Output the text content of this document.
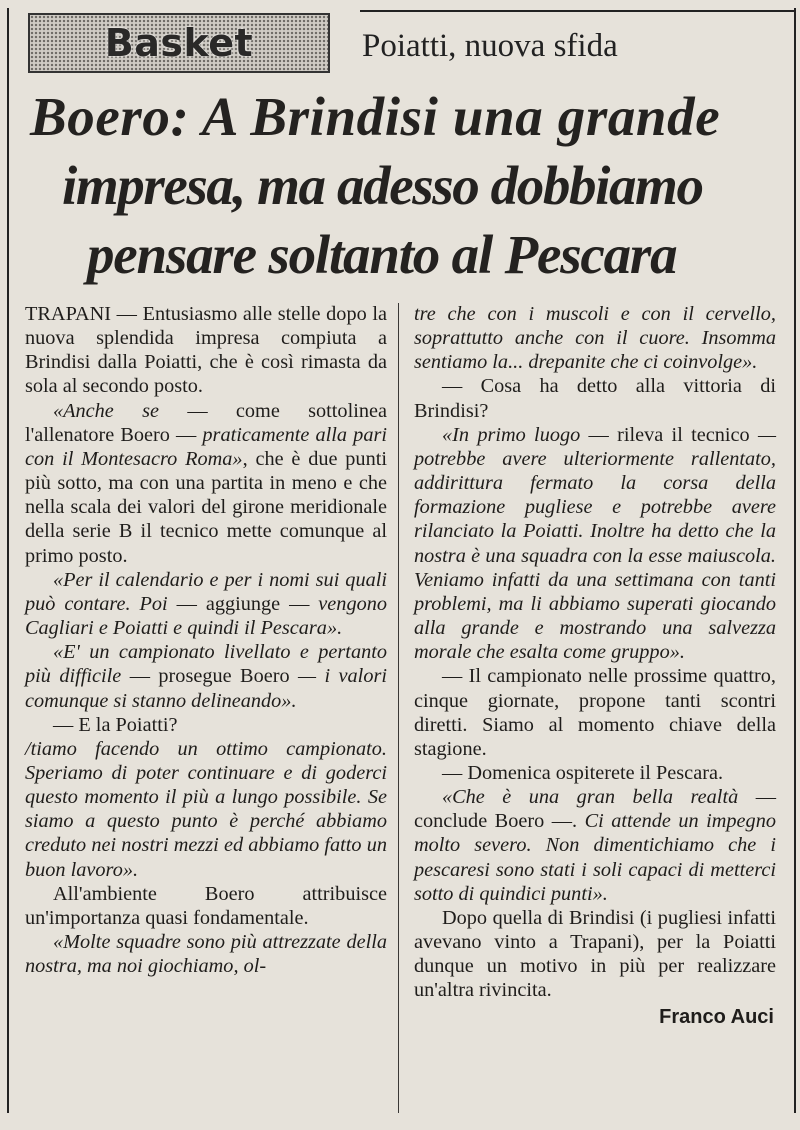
Basket	Poiatti, nuova sfida
Boero: A Brindisi una grande
impresa, ma adesso dobbiamo
pensare soltanto al Pescara

TRAPANI — Entusiasmo alle stelle dopo la nuova splendida impresa compiuta a Brindisi dalla Poiatti, che è così rimasta da sola al secondo posto.

«Anche se — come sottolinea l'allenatore Boero — praticamente alla pari con il Montesacro Roma», che è due punti più sotto, ma con una partita in meno e che nella scala dei valori del girone meridionale della serie B il tecnico mette comunque al primo posto.

«Per il calendario e per i nomi sui quali può contare. Poi — aggiunge — vengono Cagliari e Poiatti e quindi il Pescara».

«E' un campionato livellato e pertanto più difficile — prosegue Boero — i valori comunque si stanno delineando».

— E la Poiatti?

/tiamo facendo un ottimo campionato. Speriamo di poter continuare e di goderci questo momento il più a lungo possibile. Se siamo a questo punto è perché abbiamo creduto nei nostri mezzi ed abbiamo fatto un buon lavoro».

All'ambiente Boero attribuisce un'importanza quasi fondamentale.

«Molte squadre sono più attrezzate della nostra, ma noi giochiamo, ol-

tre che con i muscoli e con il cervello, soprattutto anche con il cuore. Insomma sentiamo la... drepanite che ci coinvolge».

— Cosa ha detto alla vittoria di Brindisi?

«In primo luogo — rileva il tecnico — potrebbe avere ulteriormente rallentato, addirittura fermato la corsa della formazione pugliese e potrebbe avere rilanciato la Poiatti. Inoltre ha detto che la nostra è una squadra con la esse maiuscola. Veniamo infatti da una settimana con tanti problemi, ma li abbiamo superati giocando alla grande e mostrando una salvezza morale che esalta come gruppo».

— Il campionato nelle prossime quattro, cinque giornate, propone tanti scontri diretti. Siamo al momento chiave della stagione.

— Domenica ospiterete il Pescara.

«Che è una gran bella realtà — conclude Boero —. Ci attende un impegno molto severo. Non dimentichiamo che i pescaresi sono stati i soli capaci di metterci sotto di quindici punti».

Dopo quella di Brindisi (i pugliesi infatti avevano vinto a Trapani), per la Poiatti dunque un motivo in più per realizzare un'altra rivincita.

Franco Auci
